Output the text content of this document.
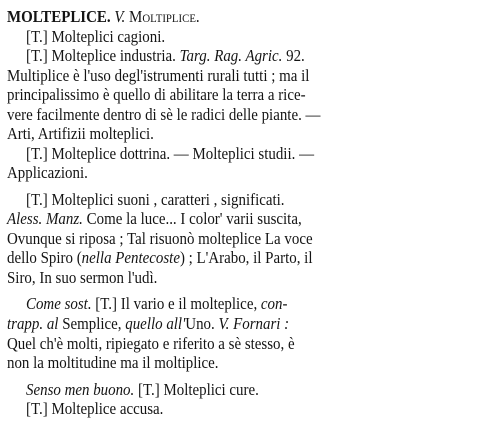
MOLTEPLICE. V. Moltiplice.
[T.] Molteplici cagioni.
[T.] Molteplice industria. Targ. Rag. Agric. 92.
Multiplice è l'uso degl'istrumenti rurali tutti ; ma il
principalissimo è quello di abilitare la terra a rice-
vere facilmente dentro di sè le radici delle piante. —
Arti, Artifizii molteplici.
[T.] Molteplice dottrina. — Molteplici studii. —
Applicazioni.
[T.] Molteplici suoni , caratteri , significati.
Aless. Manz. Come la luce... I color' varii suscita,
Ovunque si riposa ; Tal risuonò molteplice La voce
dello Spiro (nella Pentecoste) ; L'Arabo, il Parto, il
Siro, In suo sermon l'udì.
Come sost. [T.] Il vario e il molteplice, con-
trapp. al Semplice, quello all'Uno. V. Fornari :
Quel ch'è molti, ripiegato e riferito a sè stesso, è
non la moltitudine ma il moltiplice.
Senso men buono. [T.] Molteplici cure.
[T.] Molteplice accusa.
